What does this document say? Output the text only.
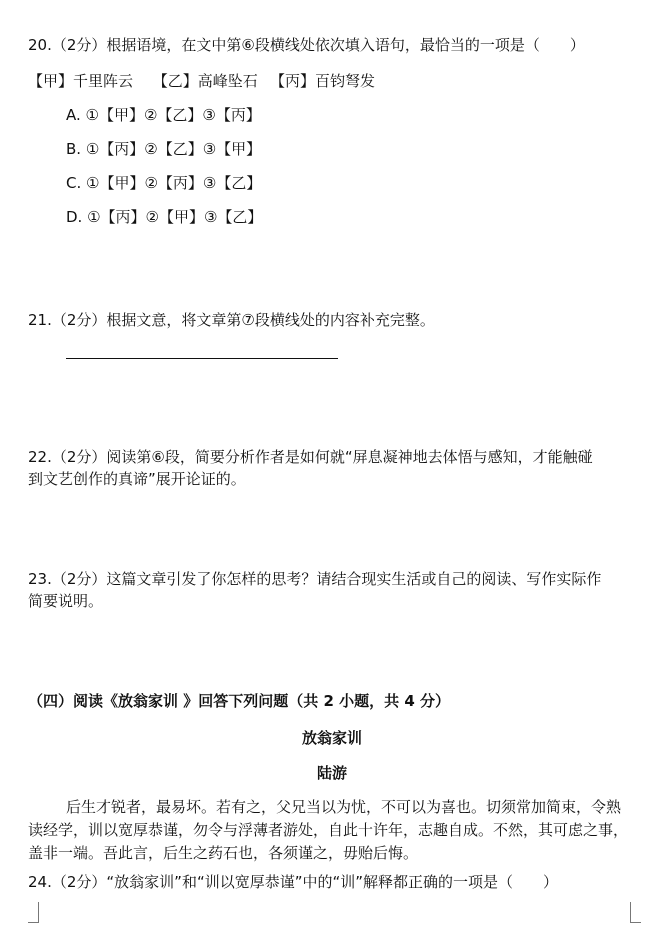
20.（2分）根据语境，在文中第⑥段横线处依次填入语句，最恰当的一项是（　　）
【甲】千里阵云　 【乙】高峰坠石 　【丙】百钧弩发
A. ①【甲】②【乙】③【丙】
B. ①【丙】②【乙】③【甲】
C. ①【甲】②【丙】③【乙】
D. ①【丙】②【甲】③【乙】
21.（2分）根据文意，将文章第⑦段横线处的内容补充完整。
22.（2分）阅读第⑥段，简要分析作者是如何就“屏息凝神地去体悟与感知，才能触碰
到文艺创作的真谛”展开论证的。
23.（2分）这篇文章引发了你怎样的思考？请结合现实生活或自己的阅读、写作实际作
简要说明。
（四）阅读《放翁家训 》回答下列问题（共 2 小题，共 4 分）
放翁家训
陆游
后生才锐者，最易坏。若有之，父兄当以为忧，不可以为喜也。切须常加简束，令熟读经学，训以宽厚恭谨，勿令与浮薄者游处，自此十许年，志趣自成。不然，其可虑之事，盖非一端。吾此言，后生之药石也，各须谨之，毋贻后悔。
24.（2分）“放翁家训”和“训以宽厚恭谨”中的“训”解释都正确的一项是（　　）
